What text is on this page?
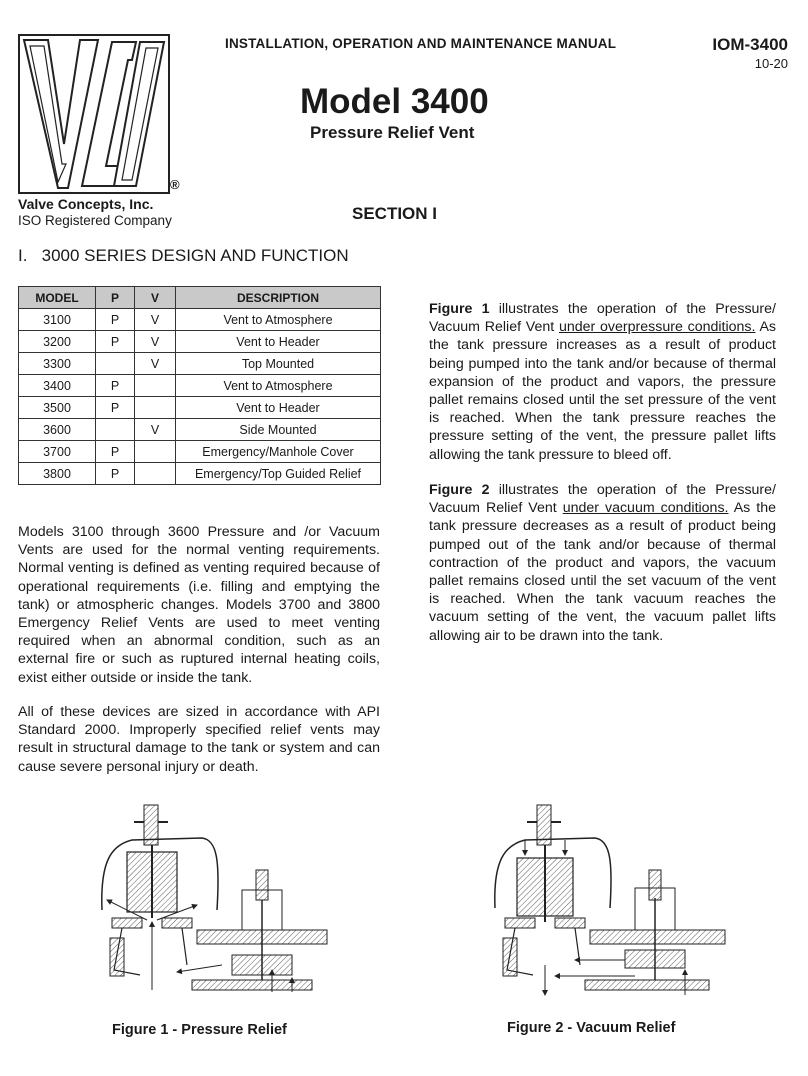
VCI
®
Valve Concepts, Inc.
ISO Registered Company
INSTALLATION, OPERATION AND MAINTENANCE MANUAL	IOM-3400
10-20
Model 3400
Pressure Relief Vent
SECTION I
I.   3000 SERIES DESIGN AND FUNCTION
MODEL	P	V	DESCRIPTION
3100	P	V	Vent to Atmosphere
3200	P	V	Vent to Header
3300		V	Top Mounted
3400	P		Vent to Atmosphere
3500	P		Vent to Header
3600		V	Side Mounted
3700	P		Emergency/Manhole Cover
3800	P		Emergency/Top Guided Relief
Models 3100 through 3600 Pressure and /or Vacuum Vents are used for the normal venting requirements. Normal venting is defined as venting required because of operational requirements (i.e. filling and emptying the tank) or atmospheric changes. Models 3700 and 3800 Emergency Relief Vents are used to meet venting required when an abnormal condition, such as an external fire or such as ruptured internal heating coils, exist either outside or inside the tank.
All of these devices are sized in accordance with API Standard 2000. Improperly specified relief vents may result in structural damage to the tank or system and can cause severe personal injury or death.
Figure 1 illustrates the operation of the Pressure/ Vacuum Relief Vent under overpressure conditions. As the tank pressure increases as a result of product being pumped into the tank and/or because of thermal expansion of the product and vapors, the pressure pallet remains closed until the set pressure of the vent is reached. When the tank pressure reaches the pressure setting of the vent, the pressure pallet lifts allowing the tank pressure to bleed off.
Figure 2 illustrates the operation of the Pressure/ Vacuum Relief Vent under vacuum conditions. As the tank pressure decreases as a result of product being pumped out of the tank and/or because of thermal contraction of the product and vapors, the vacuum pallet remains closed until the set vacuum of the vent is reached. When the tank vacuum reaches the vacuum setting of the vent, the vacuum pallet lifts allowing air to be drawn into the tank.
Figure 1 - Pressure Relief	Figure 2 - Vacuum Relief
